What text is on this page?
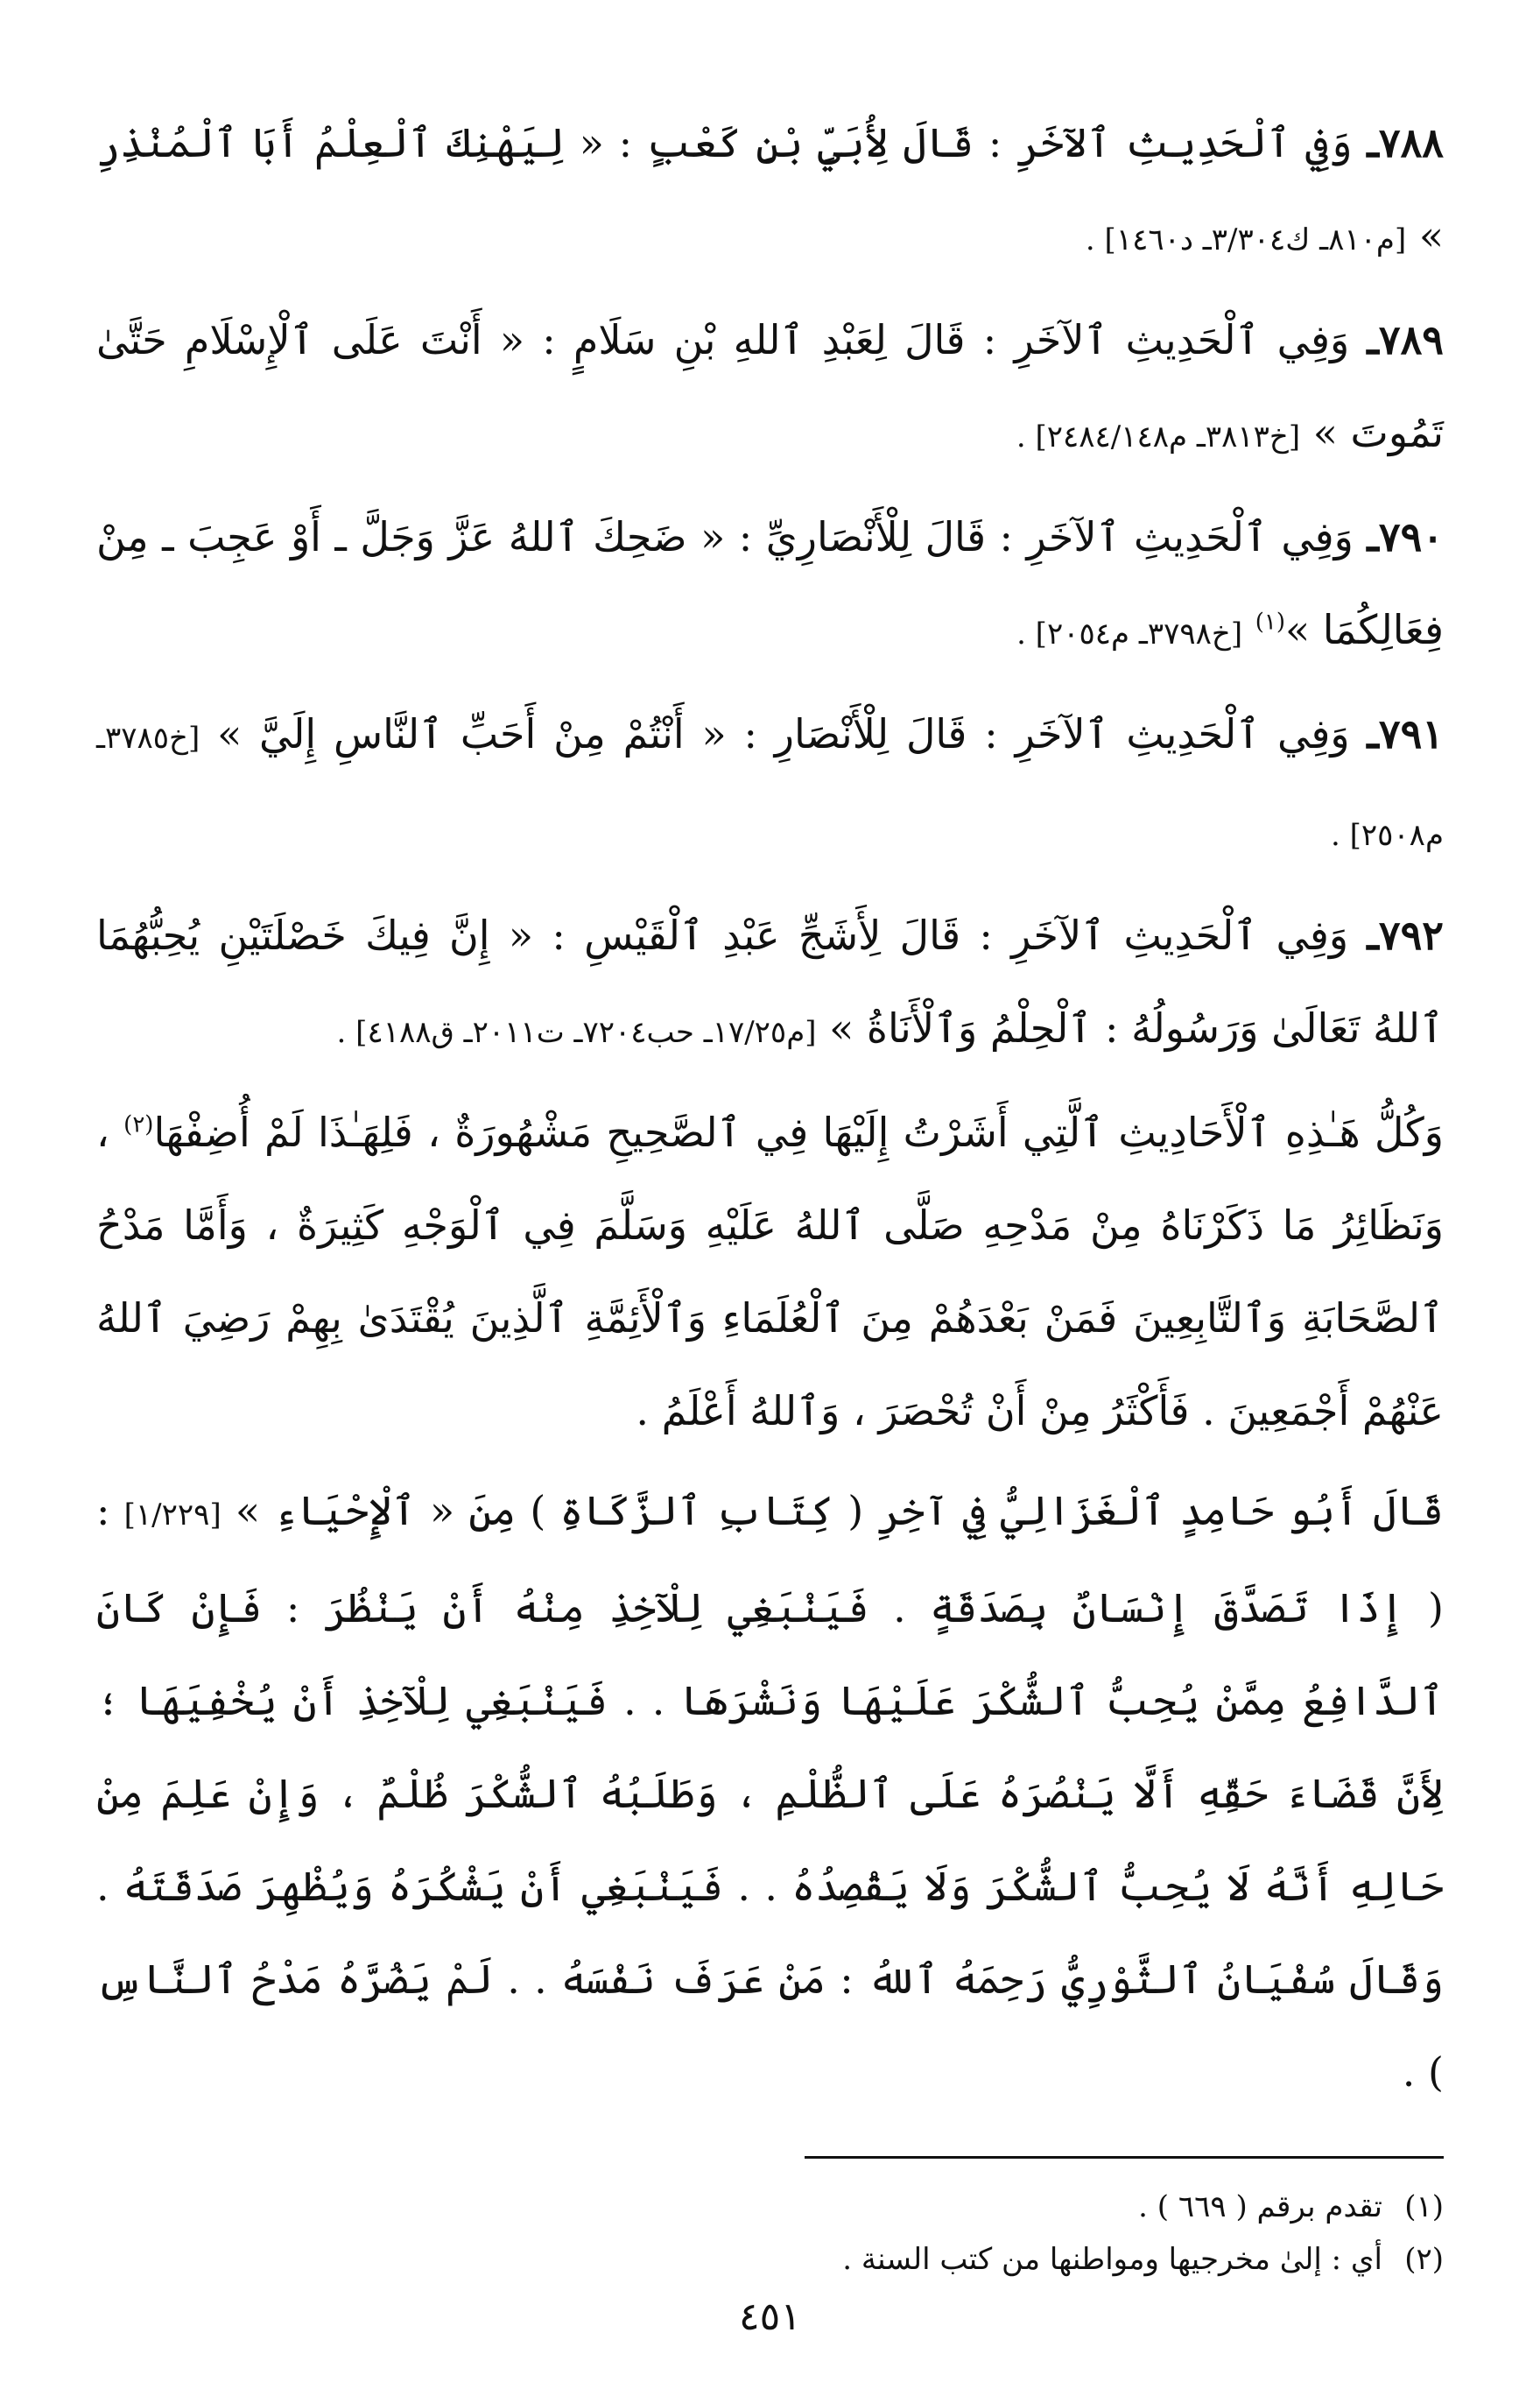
٧٨٨ـ وَفِي ٱلْحَدِيثِ ٱلآخَرِ : قَالَ لِأُبَيِّ بْنِ كَعْبٍ : « لِيَهْنِكَ ٱلْعِلْمُ أَبَا ٱلْمُنْذِرِ » [م٨١٠ـ ك٣/٣٠٤ـ د١٤٦٠] .

٧٨٩ـ وَفِي ٱلْحَدِيثِ ٱلآخَرِ : قَالَ لِعَبْدِ ٱللهِ بْنِ سَلَامٍ : « أَنْتَ عَلَى ٱلْإِسْلَامِ حَتَّىٰ تَمُوتَ » [خ٣٨١٣ـ م٢٤٨٤/١٤٨] .

٧٩٠ـ وَفِي ٱلْحَدِيثِ ٱلآخَرِ : قَالَ لِلْأَنْصَارِيِّ : « ضَحِكَ ٱللهُ عَزَّ وَجَلَّ ـ أَوْ عَجِبَ ـ مِنْ فِعَالِكُمَا »$^{(١)}$ [خ٣٧٩٨ـ م٢٠٥٤] .

٧٩١ـ وَفِي ٱلْحَدِيثِ ٱلآخَرِ : قَالَ لِلْأَنْصَارِ : « أَنْتُمْ مِنْ أَحَبِّ ٱلنَّاسِ إِلَيَّ » [خ٣٧٨٥ـ م٢٥٠٨] .

٧٩٢ـ وَفِي ٱلْحَدِيثِ ٱلآخَرِ : قَالَ لِأَشَجِّ عَبْدِ ٱلْقَيْسِ : « إِنَّ فِيكَ خَصْلَتَيْنِ يُحِبُّهُمَا ٱللهُ تَعَالَىٰ وَرَسُولُهُ : ٱلْحِلْمُ وَٱلْأَنَاةُ » [م١٧/٢٥ـ حب٧٢٠٤ـ ت٢٠١١ـ ق٤١٨٨] .

وَكُلُّ هَـٰذِهِ ٱلْأَحَادِيثِ ٱلَّتِي أَشَرْتُ إِلَيْهَا فِي ٱلصَّحِيحِ مَشْهُورَةٌ ، فَلِهَـٰذَا لَمْ أُضِفْهَا$^{(٢)}$ ، وَنَظَائِرُ مَا ذَكَرْنَاهُ مِنْ مَدْحِهِ صَلَّى ٱللهُ عَلَيْهِ وَسَلَّمَ فِي ٱلْوَجْهِ كَثِيرَةٌ ، وَأَمَّا مَدْحُ ٱلصَّحَابَةِ وَٱلتَّابِعِينَ فَمَنْ بَعْدَهُمْ مِنَ ٱلْعُلَمَاءِ وَٱلْأَئِمَّةِ ٱلَّذِينَ يُقْتَدَىٰ بِهِمْ رَضِيَ ٱللهُ عَنْهُمْ أَجْمَعِينَ . فَأَكْثَرُ مِنْ أَنْ تُحْصَرَ ، وَٱللهُ أَعْلَمُ .

قَالَ أَبُو حَامِدٍ ٱلْغَزَالِيُّ فِي آخِرِ ( كِتَابِ ٱلزَّكَاةِ ) مِنَ « ٱلْإِحْيَاءِ » [١/٢٢٩] : ( إِذَا تَصَدَّقَ إِنْسَانٌ بِصَدَقَةٍ . فَيَنْبَغِي لِلْآخِذِ مِنْهُ أَنْ يَنْظُرَ : فَإِنْ كَانَ ٱلدَّافِعُ مِمَّنْ يُحِبُّ ٱلشُّكْرَ عَلَيْهَا وَنَشْرَهَا . . فَيَنْبَغِي لِلْآخِذِ أَنْ يُخْفِيَهَا ؛ لِأَنَّ قَضَاءَ حَقِّهِ أَلَّا يَنْصُرَهُ عَلَى ٱلظُّلْمِ ، وَطَلَبُهُ ٱلشُّكْرَ ظُلْمٌ ، وَإِنْ عَلِمَ مِنْ حَالِهِ أَنَّهُ لَا يُحِبُّ ٱلشُّكْرَ وَلَا يَقْصِدُهُ . . فَيَنْبَغِي أَنْ يَشْكُرَهُ وَيُظْهِرَ صَدَقَتَهُ . وَقَالَ سُفْيَانُ ٱلثَّوْرِيُّ رَحِمَهُ ٱللهُ : مَنْ عَرَفَ نَفْسَهُ . . لَمْ يَضُرَّهُ مَدْحُ ٱلنَّاسِ ) .

(١)تقدم برقم ( ٦٦٩ ) .

(٢)أي : إلىٰ مخرجيها ومواطنها من كتب السنة .

٤٥١
